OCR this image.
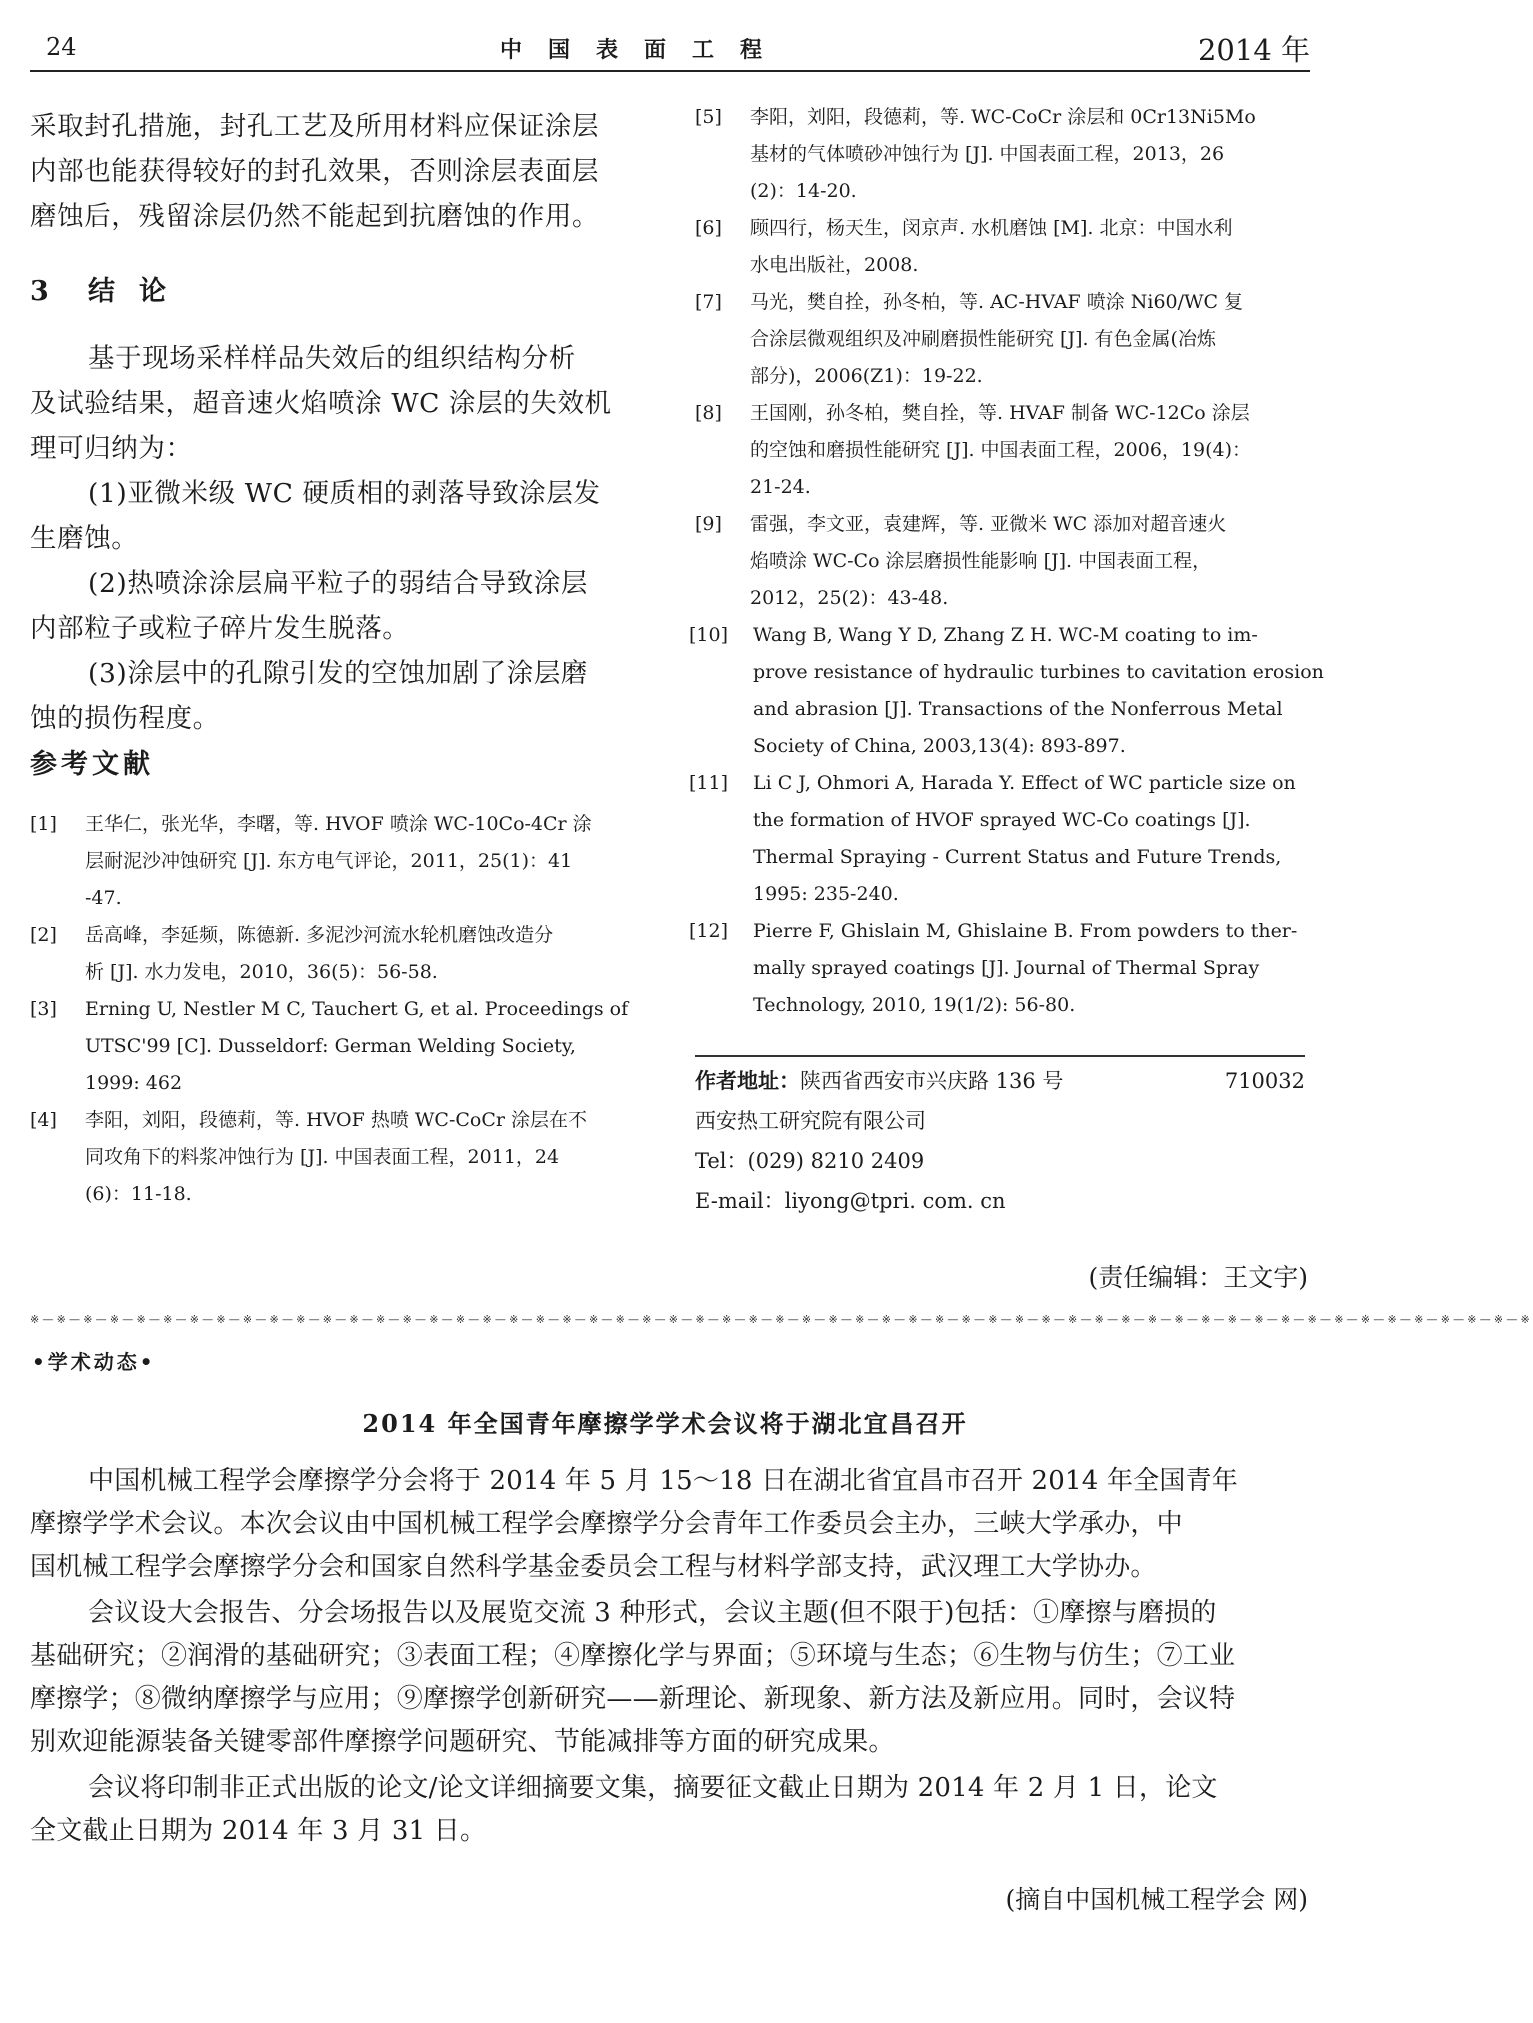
24	中国表面工程	2014 年
采取封孔措施，封孔工艺及所用材料应保证涂层
内部也能获得较好的封孔效果，否则涂层表面层
磨蚀后，残留涂层仍然不能起到抗磨蚀的作用。
3 结论
基于现场采样样品失效后的组织结构分析
及试验结果，超音速火焰喷涂 WC 涂层的失效机
理可归纳为：
(1)亚微米级 WC 硬质相的剥落导致涂层发
生磨蚀。
(2)热喷涂涂层扁平粒子的弱结合导致涂层
内部粒子或粒子碎片发生脱落。
(3)涂层中的孔隙引发的空蚀加剧了涂层磨
蚀的损伤程度。
参考文献
[1] 王华仁，张光华，李曙，等. HVOF 喷涂 WC-10Co-4Cr 涂
层耐泥沙冲蚀研究 [J]. 东方电气评论，2011，25(1)：41
-47.
[2] 岳高峰，李延频，陈德新. 多泥沙河流水轮机磨蚀改造分
析 [J]. 水力发电，2010，36(5)：56-58.
[3] Erning U, Nestler M C, Tauchert G, et al. Proceedings of
UTSC'99 [C]. Dusseldorf: German Welding Society,
1999: 462
[4] 李阳，刘阳，段德莉，等. HVOF 热喷 WC-CoCr 涂层在不
同攻角下的料浆冲蚀行为 [J]. 中国表面工程，2011，24
(6)：11-18.
[5] 李阳，刘阳，段德莉，等. WC-CoCr 涂层和 0Cr13Ni5Mo
基材的气体喷砂冲蚀行为 [J]. 中国表面工程，2013，26
(2)：14-20.
[6] 顾四行，杨天生，闵京声. 水机磨蚀 [M]. 北京：中国水利
水电出版社，2008.
[7] 马光，樊自拴，孙冬柏，等. AC-HVAF 喷涂 Ni60/WC 复
合涂层微观组织及冲刷磨损性能研究 [J]. 有色金属(冶炼
部分)，2006(Z1)：19-22.
[8] 王国刚，孙冬柏，樊自拴，等. HVAF 制备 WC-12Co 涂层
的空蚀和磨损性能研究 [J]. 中国表面工程，2006，19(4)：
21-24.
[9] 雷强，李文亚，袁建辉，等. 亚微米 WC 添加对超音速火
焰喷涂 WC-Co 涂层磨损性能影响 [J]. 中国表面工程，
2012，25(2)：43-48.
[10] Wang B, Wang Y D, Zhang Z H. WC-M coating to im-
prove resistance of hydraulic turbines to cavitation erosion
and abrasion [J]. Transactions of the Nonferrous Metal
Society of China, 2003,13(4): 893-897.
[11] Li C J, Ohmori A, Harada Y. Effect of WC particle size on
the formation of HVOF sprayed WC-Co coatings [J].
Thermal Spraying - Current Status and Future Trends,
1995: 235-240.
[12] Pierre F, Ghislain M, Ghislaine B. From powders to ther-
mally sprayed coatings [J]. Journal of Thermal Spray
Technology, 2010, 19(1/2): 56-80.
作者地址：陕西省西安市兴庆路 136 号	710032
西安热工研究院有限公司
Tel：(029) 8210 2409
E-mail：liyong@tpri. com. cn
(责任编辑：王文宇)
※—※—※—※—※—※—※—※—※—※—※—※—※—※—※—※—※—※—※—※—※—※—※—※—※—※—※—※—※—※—※—※—※—※—※—※—※—※—※—※—※—※—※—※—※—※—※—※—※—※—※—※—※—※—※—※—※
•学术动态•
2014 年全国青年摩擦学学术会议将于湖北宜昌召开
中国机械工程学会摩擦学分会将于 2014 年 5 月 15～18 日在湖北省宜昌市召开 2014 年全国青年
摩擦学学术会议。本次会议由中国机械工程学会摩擦学分会青年工作委员会主办，三峡大学承办，中
国机械工程学会摩擦学分会和国家自然科学基金委员会工程与材料学部支持，武汉理工大学协办。
会议设大会报告、分会场报告以及展览交流 3 种形式，会议主题(但不限于)包括：①摩擦与磨损的
基础研究；②润滑的基础研究；③表面工程；④摩擦化学与界面；⑤环境与生态；⑥生物与仿生；⑦工业
摩擦学；⑧微纳摩擦学与应用；⑨摩擦学创新研究——新理论、新现象、新方法及新应用。同时，会议特
别欢迎能源装备关键零部件摩擦学问题研究、节能减排等方面的研究成果。
会议将印制非正式出版的论文/论文详细摘要文集，摘要征文截止日期为 2014 年 2 月 1 日，论文
全文截止日期为 2014 年 3 月 31 日。
(摘自中国机械工程学会 网)
